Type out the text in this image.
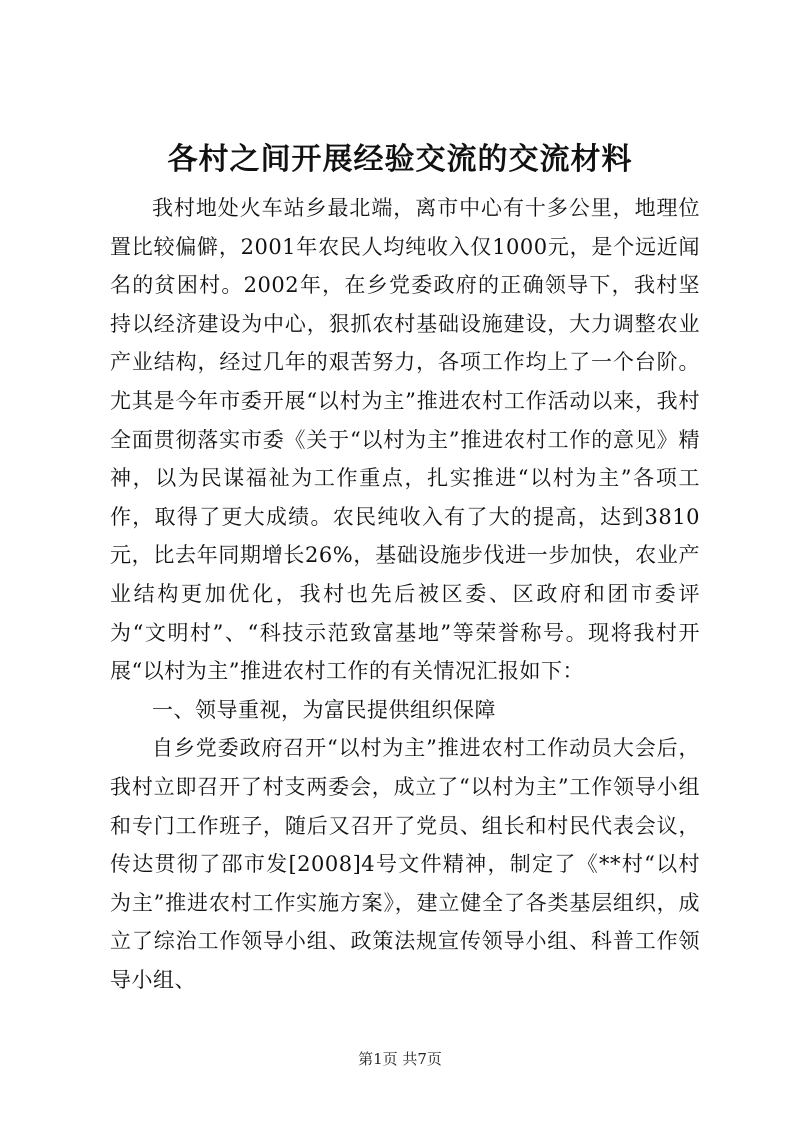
各村之间开展经验交流的交流材料

我村地处火车站乡最北端，离市中心有十多公里，地理位置比较偏僻，2001年农民人均纯收入仅1000元，是个远近闻名的贫困村。2002年，在乡党委政府的正确领导下，我村坚持以经济建设为中心，狠抓农村基础设施建设，大力调整农业产业结构，经过几年的艰苦努力，各项工作均上了一个台阶。尤其是今年市委开展“以村为主”推进农村工作活动以来，我村全面贯彻落实市委《关于“以村为主”推进农村工作的意见》精神，以为民谋福祉为工作重点，扎实推进“以村为主”各项工作，取得了更大成绩。农民纯收入有了大的提高，达到3810元，比去年同期增长26%，基础设施步伐进一步加快，农业产业结构更加优化，我村也先后被区委、区政府和团市委评为“文明村”、“科技示范致富基地”等荣誉称号。现将我村开展“以村为主”推进农村工作的有关情况汇报如下：

一、领导重视，为富民提供组织保障

自乡党委政府召开“以村为主”推进农村工作动员大会后，我村立即召开了村支两委会，成立了“以村为主”工作领导小组和专门工作班子，随后又召开了党员、组长和村民代表会议，传达贯彻了邵市发[2008]4号文件精神，制定了《**村“以村为主”推进农村工作实施方案》，建立健全了各类基层组织，成立了综治工作领导小组、政策法规宣传领导小组、科普工作领导小组、

第1页 共7页
